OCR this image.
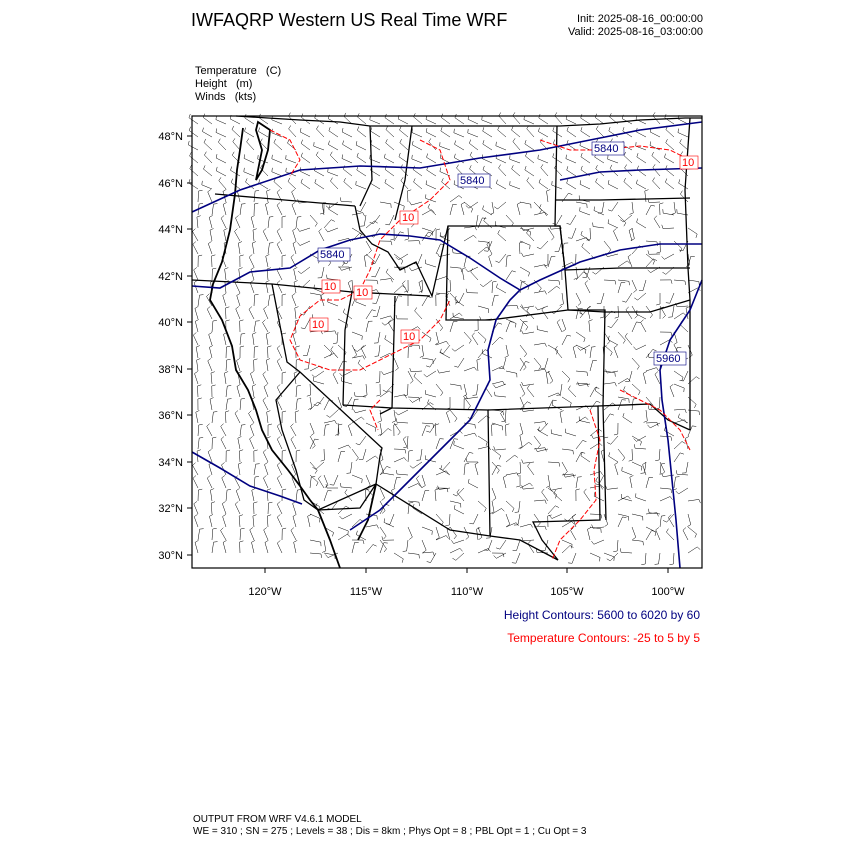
IWFAQRP Western US Real Time WRF	Init: 2025-08-16_00:00:00
Valid: 2025-08-16_03:00:00
Temperature   (C)
Height   (m)
Winds   (kts)
48°N
46°N
44°N
42°N
40°N
38°N
36°N
34°N
32°N
30°N
120°W	115°W	110°W	105°W	100°W
5840
5840
5840
5960
10
10
10
10
10
10
Height Contours: 5600 to 6020 by 60
Temperature Contours: -25 to 5 by 5
OUTPUT FROM WRF V4.6.1 MODEL
WE = 310 ; SN = 275 ; Levels = 38 ; Dis = 8km ; Phys Opt = 8 ; PBL Opt = 1 ; Cu Opt = 3
